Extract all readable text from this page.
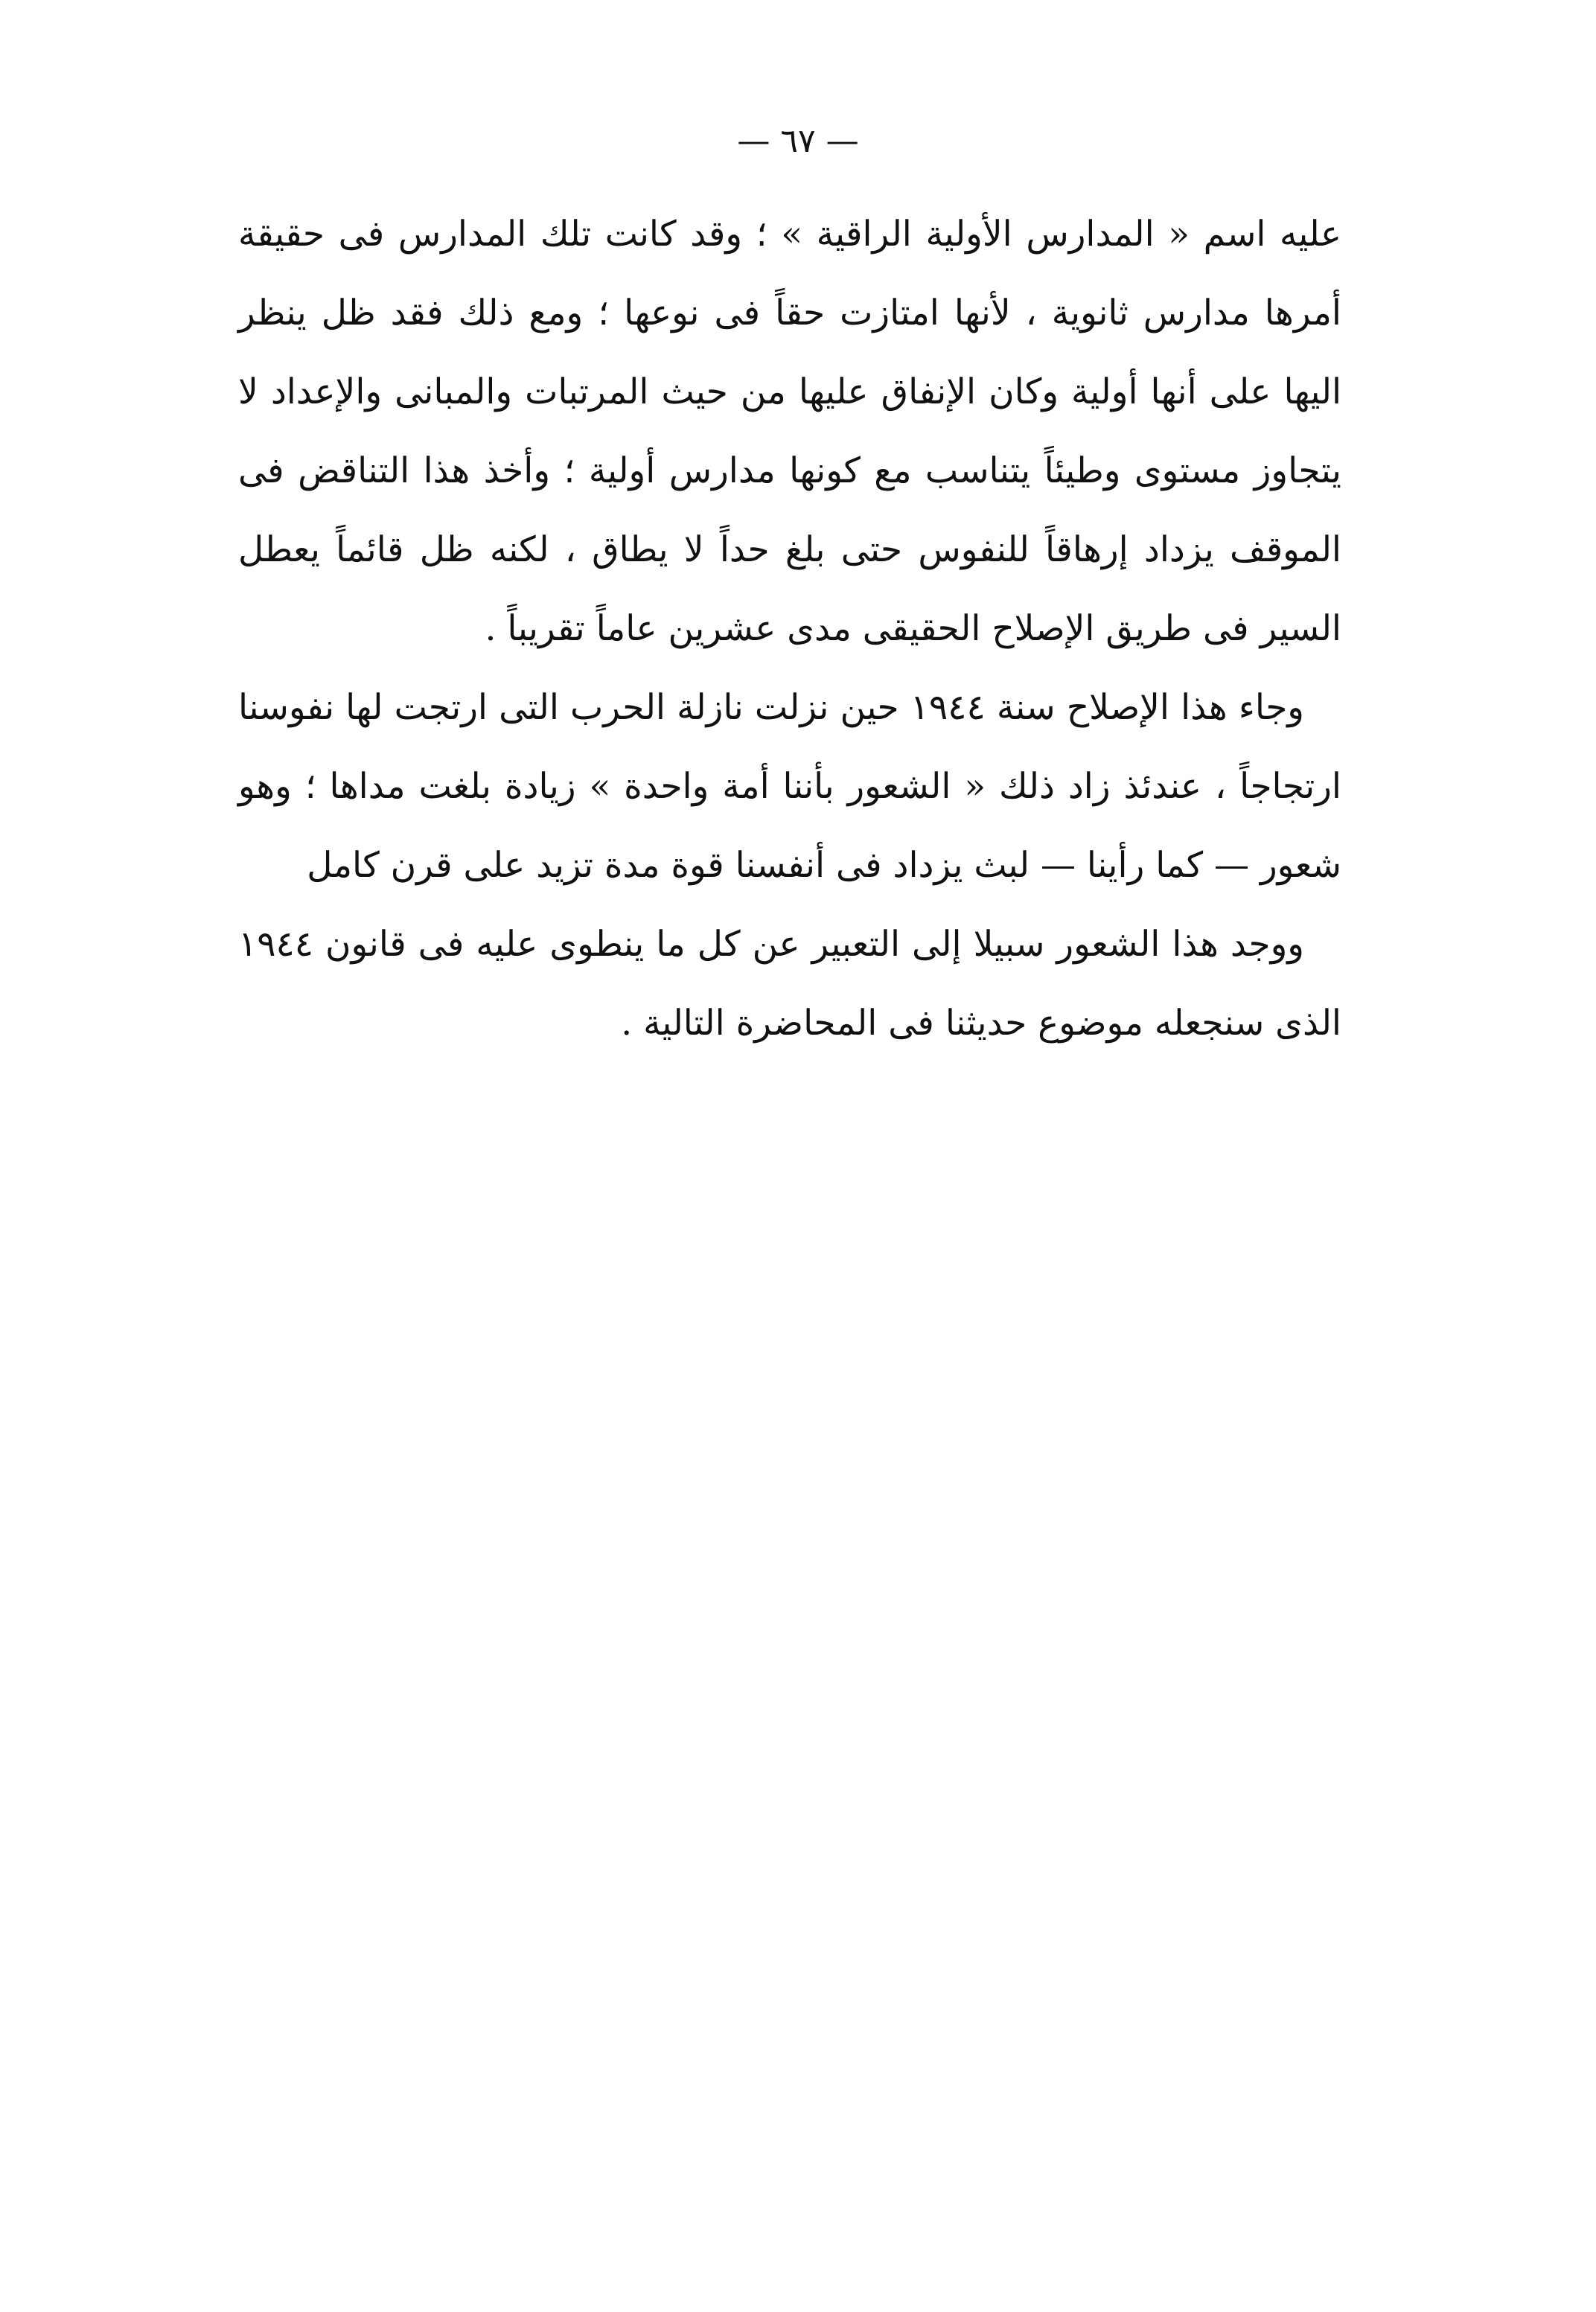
— ٦٧ —

عليه اسم « المدارس الأولية الراقية » ؛ وقد كانت تلك المدارس فى حقيقة أمرها مدارس ثانوية ، لأنها امتازت حقاً فى نوعها ؛ ومع ذلك فقد ظل ينظر اليها على أنها أولية وكان الإنفاق عليها من حيث المرتبات والمبانى والإعداد لا يتجاوز مستوى وطيئاً يتناسب مع كونها مدارس أولية ؛ وأخذ هذا التناقض فى الموقف يزداد إرهاقاً للنفوس حتى بلغ حداً لا يطاق ، لكنه ظل قائماً يعطل السير فى طريق الإصلاح الحقيقى مدى عشرين عاماً تقريباً .

وجاء هذا الإصلاح سنة ١٩٤٤ حين نزلت نازلة الحرب التى ارتجت لها نفوسنا ارتجاجاً ، عندئذ زاد ذلك « الشعور بأننا أمة واحدة » زيادة بلغت مداها ؛ وهو شعور — كما رأينا — لبث يزداد فى أنفسنا قوة مدة تزيد على قرن كامل

ووجد هذا الشعور سبيلا إلى التعبير عن كل ما ينطوى عليه فى قانون ١٩٤٤ الذى سنجعله موضوع حديثنا فى المحاضرة التالية .
